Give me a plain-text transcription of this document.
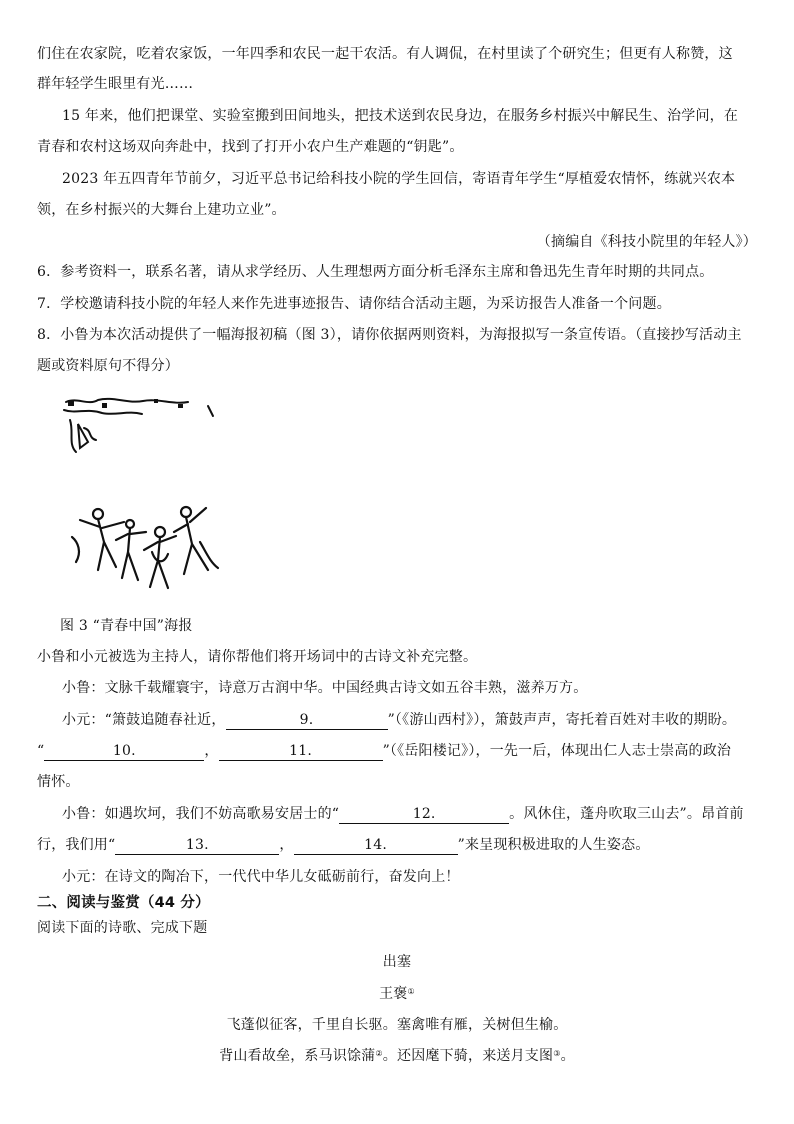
们住在农家院，吃着农家饭，一年四季和农民一起干农活。有人调侃，在村里读了个研究生；但更有人称赞，这
群年轻学生眼里有光……
15 年来，他们把课堂、实验室搬到田间地头，把技术送到农民身边，在服务乡村振兴中解民生、治学问，在
青春和农村这场双向奔赴中，找到了打开小农户生产难题的“钥匙”。
2023 年五四青年节前夕，习近平总书记给科技小院的学生回信，寄语青年学生“厚植爱农情怀，练就兴农本
领，在乡村振兴的大舞台上建功立业”。
（摘编自《科技小院里的年轻人》）
6．参考资料一，联系名著，请从求学经历、人生理想两方面分析毛泽东主席和鲁迅先生青年时期的共同点。
7．学校邀请科技小院的年轻人来作先进事迹报告、请你结合活动主题，为采访报告人准备一个问题。
8．小鲁为本次活动提供了一幅海报初稿（图 3），请你依据两则资料，为海报拟写一条宣传语。（直接抄写活动主
题或资料原句不得分）
图 3 “青春中国”海报
小鲁和小元被选为主持人，请你帮他们将开场词中的古诗文补充完整。
小鲁：文脉千载耀寰宇，诗意万古润中华。中国经典古诗文如五谷丰熟，滋养万方。
小元：“箫鼓追随春社近，	9.	”（《游山西村》），箫鼓声声，寄托着百姓对丰收的期盼。
“	10.	，	11.	”（《岳阳楼记》），一先一后，体现出仁人志士崇高的政治
情怀。
小鲁：如遇坎坷，我们不妨高歌易安居士的“	12.	。风休住，蓬舟吹取三山去”。昂首前
行，我们用“	13.	，	14.	”来呈现积极进取的人生姿态。
小元：在诗文的陶冶下，一代代中华儿女砥砺前行，奋发向上！
二、阅读与鉴赏（44 分）
阅读下面的诗歌、完成下题
出塞
王褒①
飞蓬似征客，千里自长驱。塞禽唯有雁，关树但生榆。
背山看故垒，系马识馀蒲②。还因麾下骑，来送月支图③。
